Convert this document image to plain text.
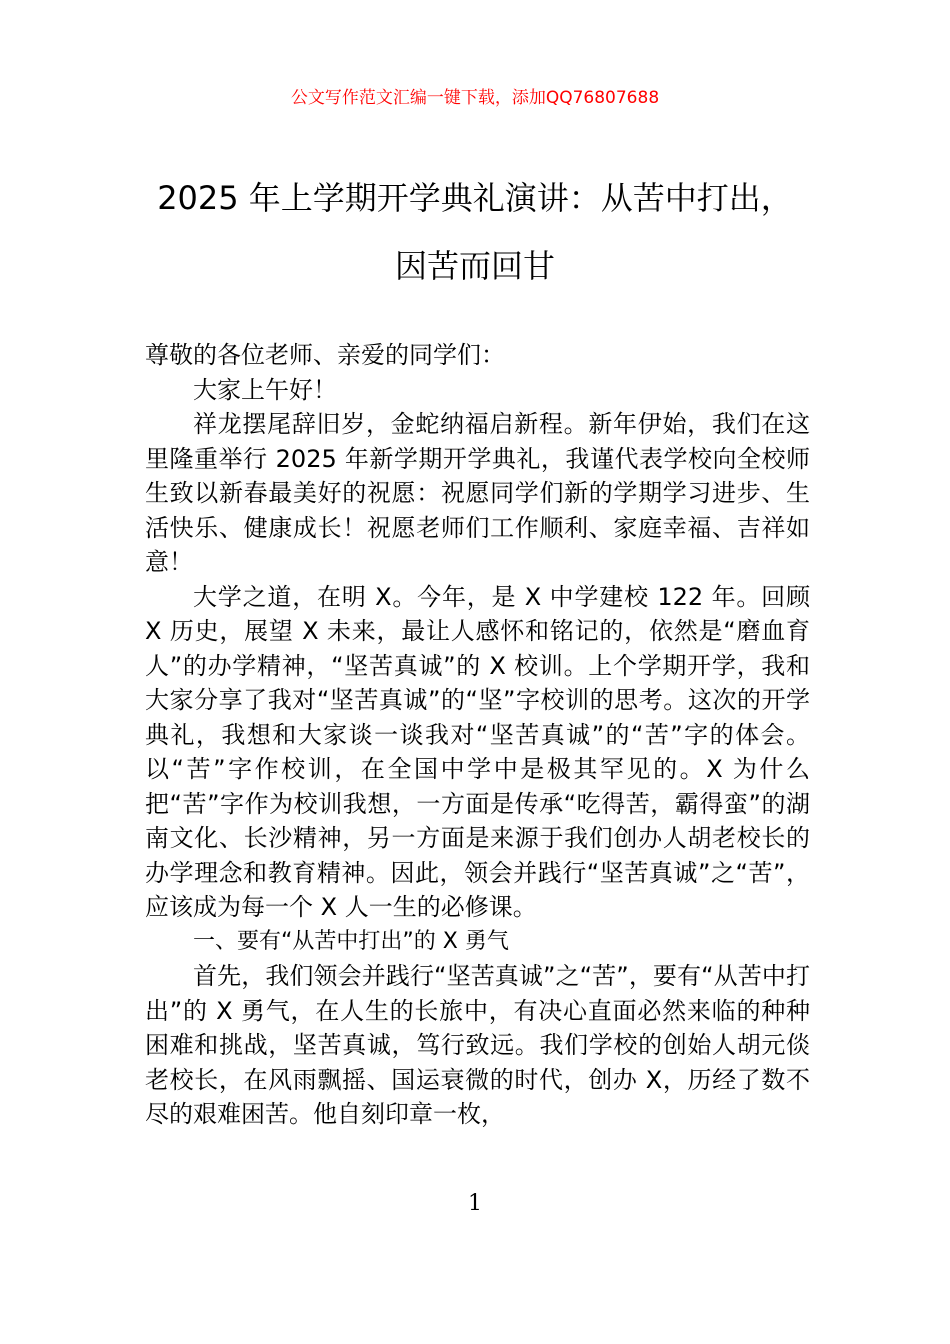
公文写作范文汇编一键下载，添加QQ76807688
2025 年上学期开学典礼演讲：从苦中打出，
因苦而回甘

尊敬的各位老师、亲爱的同学们：

大家上午好！

祥龙摆尾辞旧岁，金蛇纳福启新程。新年伊始，我们在这里隆重举行 2025 年新学期开学典礼，我谨代表学校向全校师生致以新春最美好的祝愿：祝愿同学们新的学期学习进步、生活快乐、健康成长！祝愿老师们工作顺利、家庭幸福、吉祥如意！

大学之道，在明 X。今年，是 X 中学建校 122 年。回顾 X 历史，展望 X 未来，最让人感怀和铭记的，依然是“磨血育人”的办学精神，“坚苦真诚”的 X 校训。上个学期开学，我和大家分享了我对“坚苦真诚”的“坚”字校训的思考。这次的开学典礼，我想和大家谈一谈我对“坚苦真诚”的“苦”字的体会。以“苦”字作校训，在全国中学中是极其罕见的。X 为什么把“苦”字作为校训我想，一方面是传承“吃得苦，霸得蛮”的湖南文化、长沙精神，另一方面是来源于我们创办人胡老校长的办学理念和教育精神。因此，领会并践行“坚苦真诚”之“苦”，应该成为每一个 X 人一生的必修课。

一、要有“从苦中打出”的 X 勇气

首先，我们领会并践行“坚苦真诚”之“苦”，要有“从苦中打出”的 X 勇气，在人生的长旅中，有决心直面必然来临的种种困难和挑战，坚苦真诚，笃行致远。我们学校的创始人胡元倓老校长，在风雨飘摇、国运衰微的时代，创办 X，历经了数不尽的艰难困苦。他自刻印章一枚，

1
